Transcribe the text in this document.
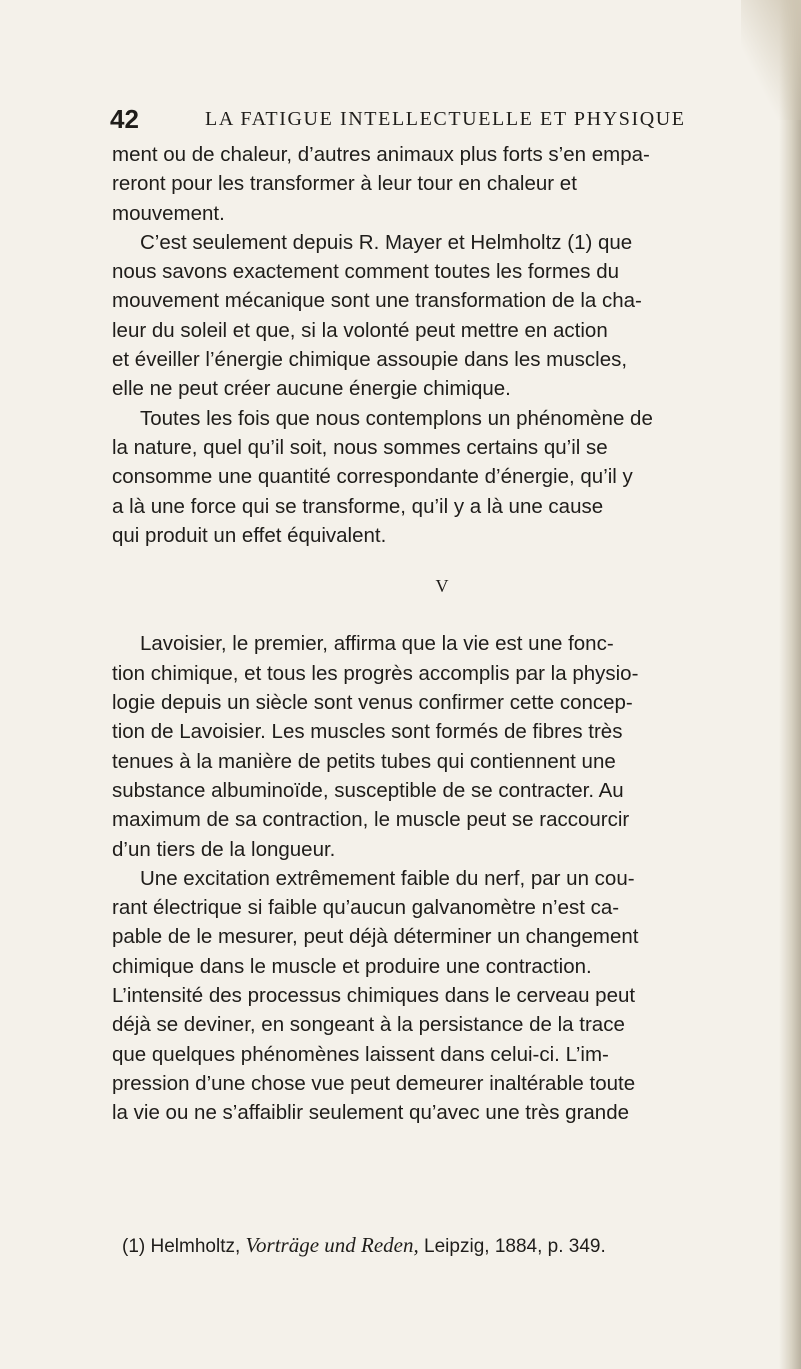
42	LA FATIGUE INTELLECTUELLE ET PHYSIQUE

ment ou de chaleur, d’autres animaux plus forts s’en empa-

reront pour les transformer à leur tour en chaleur et

mouvement.

C’est seulement depuis R. Mayer et Helmholtz (1) que

nous savons exactement comment toutes les formes du

mouvement mécanique sont une transformation de la cha-

leur du soleil et que, si la volonté peut mettre en action

et éveiller l’énergie chimique assoupie dans les muscles,

elle ne peut créer aucune énergie chimique.

Toutes les fois que nous contemplons un phénomène de

la nature, quel qu’il soit, nous sommes certains qu’il se

consomme une quantité correspondante d’énergie, qu’il y

a là une force qui se transforme, qu’il y a là une cause

qui produit un effet équivalent.

V

Lavoisier, le premier, affirma que la vie est une fonc-

tion chimique, et tous les progrès accomplis par la physio-

logie depuis un siècle sont venus confirmer cette concep-

tion de Lavoisier. Les muscles sont formés de fibres très

tenues à la manière de petits tubes qui contiennent une

substance albuminoïde, susceptible de se contracter. Au

maximum de sa contraction, le muscle peut se raccourcir

d’un tiers de la longueur.

Une excitation extrêmement faible du nerf, par un cou-

rant électrique si faible qu’aucun galvanomètre n’est ca-

pable de le mesurer, peut déjà déterminer un changement

chimique dans le muscle et produire une contraction.

L’intensité des processus chimiques dans le cerveau peut

déjà se deviner, en songeant à la persistance de la trace

que quelques phénomènes laissent dans celui-ci. L’im-

pression d’une chose vue peut demeurer inaltérable toute

la vie ou ne s’affaiblir seulement qu’avec une très grande

(1) Helmholtz, Vorträge und Reden, Leipzig, 1884, p. 349.
